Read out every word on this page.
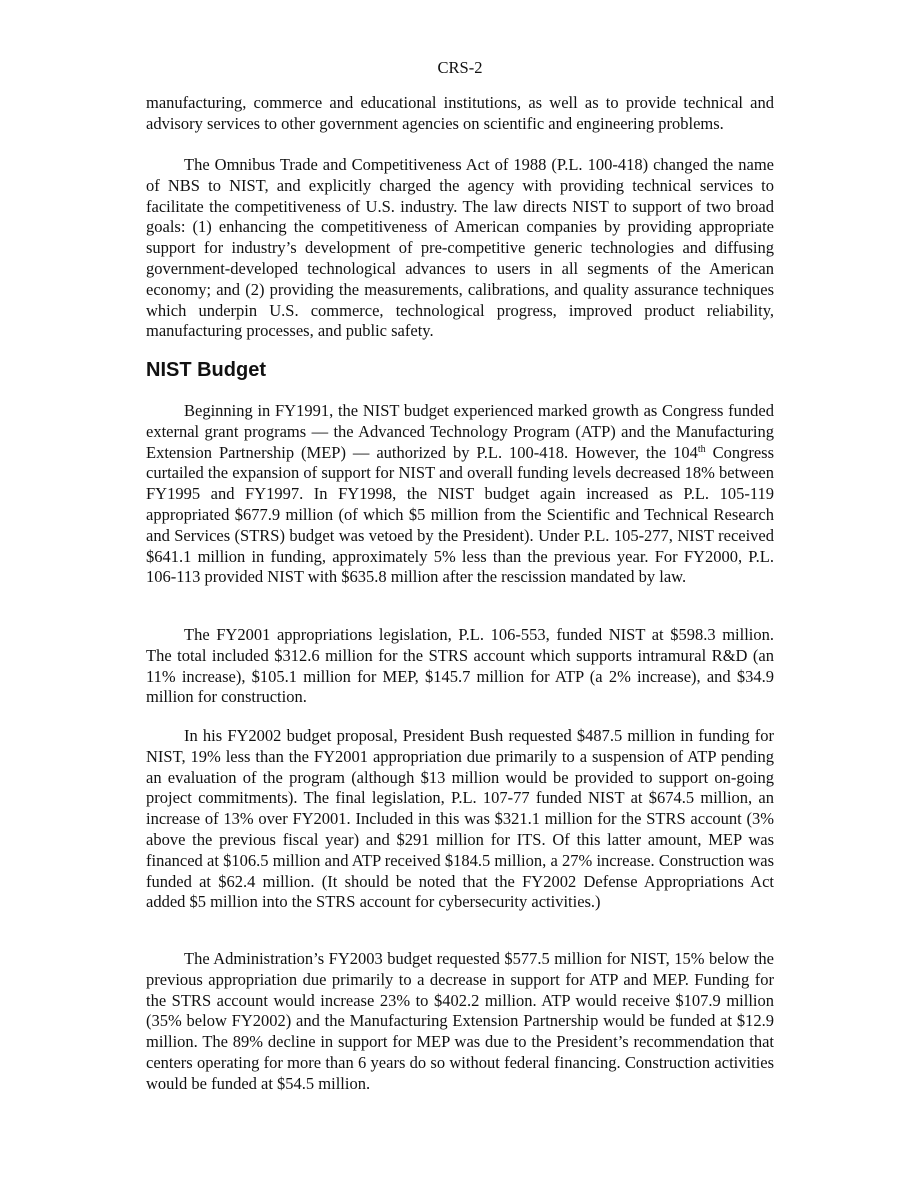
CRS-2

manufacturing, commerce and educational institutions, as well as to provide technical and advisory services to other government agencies on scientific and engineering problems.

The Omnibus Trade and Competitiveness Act of 1988 (P.L. 100-418) changed the name of NBS to NIST, and explicitly charged the agency with providing technical services to facilitate the competitiveness of U.S. industry. The law directs NIST to support of two broad goals: (1) enhancing the competitiveness of American companies by providing appropriate support for industry’s development of pre-competitive generic technologies and diffusing government-developed technological advances to users in all segments of the American economy; and (2) providing the measurements, calibrations, and quality assurance techniques which underpin U.S. commerce, technological progress, improved product reliability, manufacturing processes, and public safety.

NIST Budget

Beginning in FY1991, the NIST budget experienced marked growth as Congress funded external grant programs — the Advanced Technology Program (ATP) and the Manufacturing Extension Partnership (MEP) — authorized by P.L. 100-418. However, the 104th Congress curtailed the expansion of support for NIST and overall funding levels decreased 18% between FY1995 and FY1997. In FY1998, the NIST budget again increased as P.L. 105-119 appropriated $677.9 million (of which $5 million from the Scientific and Technical Research and Services (STRS) budget was vetoed by the President). Under P.L. 105-277, NIST received $641.1 million in funding, approximately 5% less than the previous year. For FY2000, P.L. 106-113 provided NIST with $635.8 million after the rescission mandated by law.

The FY2001 appropriations legislation, P.L. 106-553, funded NIST at $598.3 million. The total included $312.6 million for the STRS account which supports intramural R&D (an 11% increase), $105.1 million for MEP, $145.7 million for ATP (a 2% increase), and $34.9 million for construction.

In his FY2002 budget proposal, President Bush requested $487.5 million in funding for NIST, 19% less than the FY2001 appropriation due primarily to a suspension of ATP pending an evaluation of the program (although $13 million would be provided to support on-going project commitments). The final legislation, P.L. 107-77 funded NIST at $674.5 million, an increase of 13% over FY2001. Included in this was $321.1 million for the STRS account (3% above the previous fiscal year) and $291 million for ITS. Of this latter amount, MEP was financed at $106.5 million and ATP received $184.5 million, a 27% increase. Construction was funded at $62.4 million. (It should be noted that the FY2002 Defense Appropriations Act added $5 million into the STRS account for cybersecurity activities.)

The Administration’s FY2003 budget requested $577.5 million for NIST, 15% below the previous appropriation due primarily to a decrease in support for ATP and MEP. Funding for the STRS account would increase 23% to $402.2 million. ATP would receive $107.9 million (35% below FY2002) and the Manufacturing Extension Partnership would be funded at $12.9 million. The 89% decline in support for MEP was due to the President’s recommendation that centers operating for more than 6 years do so without federal financing. Construction activities would be funded at $54.5 million.
